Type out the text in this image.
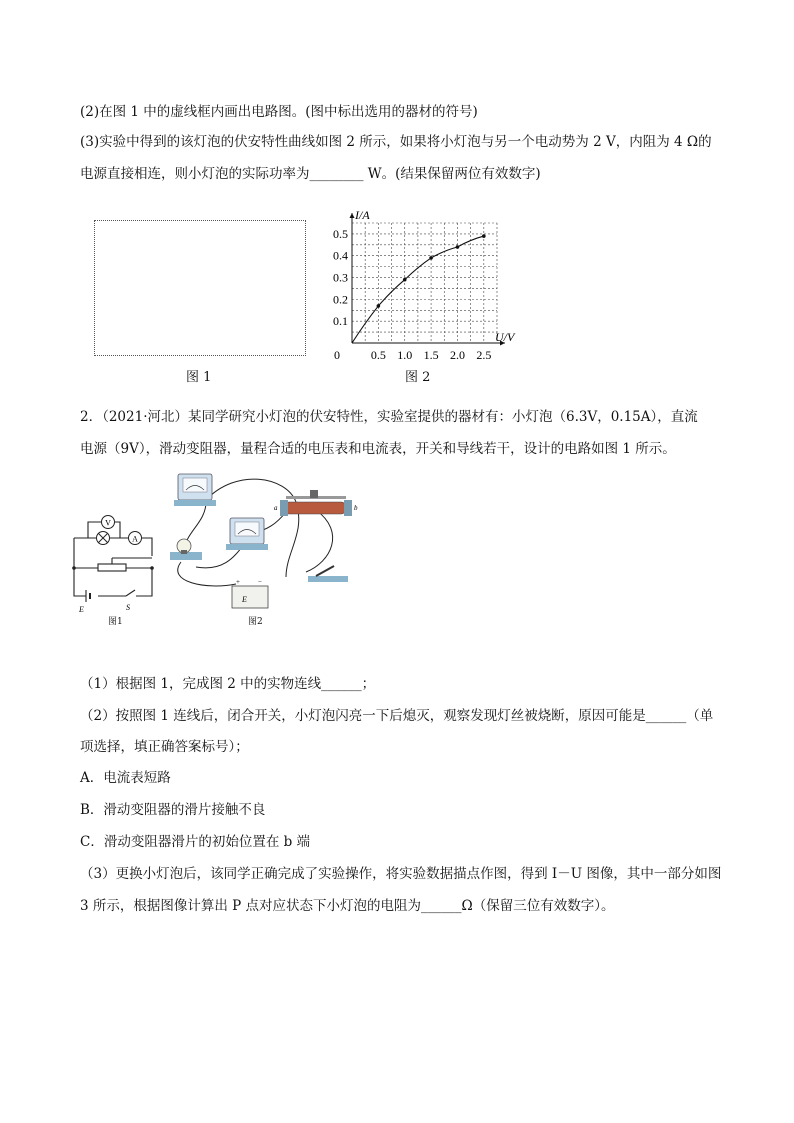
(2)在图 1 中的虚线框内画出电路图。(图中标出选用的器材的符号)
(3)实验中得到的该灯泡的伏安特性曲线如图 2 所示，如果将小灯泡与另一个电动势为 2 V，内阻为 4 Ω的
电源直接相连，则小灯泡的实际功率为________ W。(结果保留两位有效数字)
图 1
0.5 1.0 1.5 2.0 2.5
0.1
0.2
0.3
0.4
0.5
0
I/A
U/V
图 2
2．（2021·河北）某同学研究小灯泡的伏安特性，实验室提供的器材有：小灯泡（6.3V，0.15A），直流
电源（9V），滑动变阻器，量程合适的电压表和电流表，开关和导线若干，设计的电路如图 1 所示。
V
A
E	S
图1
a	b
E
+	−
图2
（1）根据图 1，完成图 2 中的实物连线______；
（2）按照图 1 连线后，闭合开关，小灯泡闪亮一下后熄灭，观察发现灯丝被烧断，原因可能是______（单
项选择，填正确答案标号）；
A．电流表短路
B．滑动变阻器的滑片接触不良
C．滑动变阻器滑片的初始位置在 b 端
（3）更换小灯泡后，该同学正确完成了实验操作，将实验数据描点作图，得到 I－U 图像，其中一部分如图
3 所示，根据图像计算出 P 点对应状态下小灯泡的电阻为______Ω（保留三位有效数字）。
